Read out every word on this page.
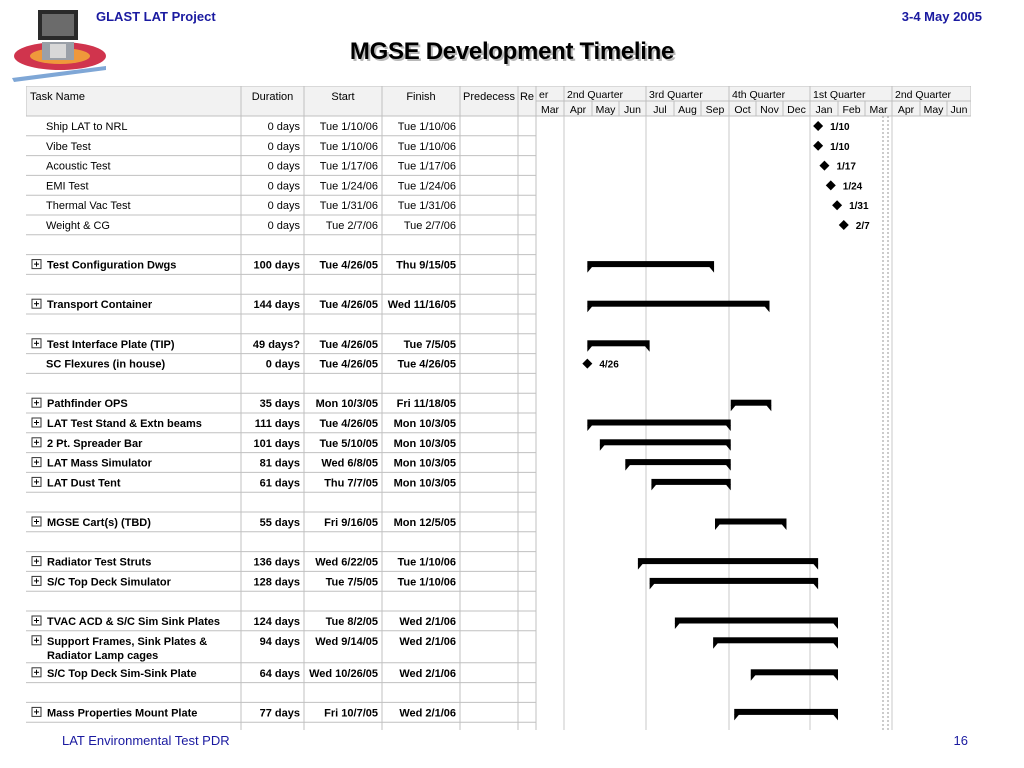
GLAST LAT Project	3-4 May 2005
MGSE Development Timeline
Task Name	Duration	Start	Finish Predecess Re er 2nd Quarter 3rd Quarter	4th Quarter	1st Quarter	2nd Quarter
Mar Apr May Jun Jul Aug Sep Oct Nov Dec Jan Feb Mar Apr May Jun
Ship LAT to NRL	0 days Tue 1/10/06 Tue 1/10/06	1/10
Vibe Test	0 days Tue 1/10/06 Tue 1/10/06	1/10
Acoustic Test	0 days Tue 1/17/06 Tue 1/17/06	1/17
EMI Test	0 days Tue 1/24/06 Tue 1/24/06	1/24
Thermal Vac Test	0 days Tue 1/31/06 Tue 1/31/06	1/31
Weight & CG	0 days Tue 2/7/06 Tue 2/7/06	2/7
Test Configuration Dwgs	100 days Tue 4/26/05 Thu 9/15/05
Transport Container	144 days Tue 4/26/05 Wed 11/16/05
Test Interface Plate (TIP)	49 days? Tue 4/26/05 Tue 7/5/05
SC Flexures (in house)	0 days Tue 4/26/05 Tue 4/26/05	4/26
Pathfinder OPS	35 days Mon 10/3/05 Fri 11/18/05
LAT Test Stand & Extn beams	111 days Tue 4/26/05 Mon 10/3/05
2 Pt. Spreader Bar	101 days Tue 5/10/05 Mon 10/3/05
LAT Mass Simulator	81 days Wed 6/8/05 Mon 10/3/05
LAT Dust Tent	61 days Thu 7/7/05 Mon 10/3/05
MGSE Cart(s) (TBD)	55 days Fri 9/16/05 Mon 12/5/05
Radiator Test Struts	136 days Wed 6/22/05 Tue 1/10/06
S/C Top Deck Simulator	128 days Tue 7/5/05 Tue 1/10/06
TVAC ACD & S/C Sim Sink Plates	124 days Tue 8/2/05 Wed 2/1/06
Support Frames, Sink Plates &
Radiator Lamp cages
94 days Wed 9/14/05 Wed 2/1/06
S/C Top Deck Sim-Sink Plate	64 days Wed 10/26/05 Wed 2/1/06
Mass Properties Mount Plate	77 days Fri 10/7/05 Wed 2/1/06
LAT Environmental Test PDR	16
